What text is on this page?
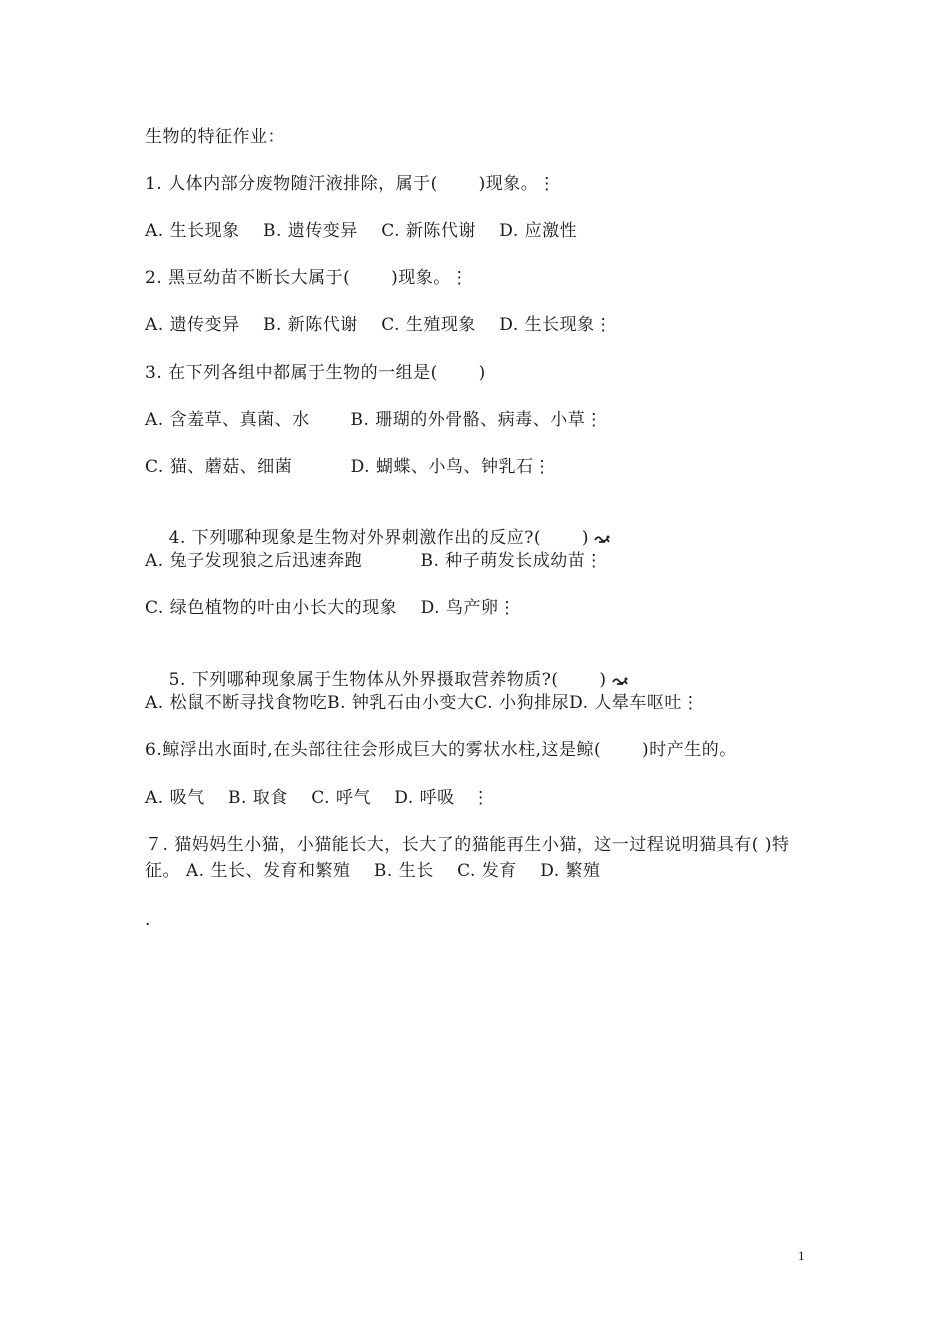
生物的特征作业：
1. 人体内部分废物随汗液排除，属于(　　 )现象。⋮
A. 生长现象　 B. 遗传变异　 C. 新陈代谢　 D. 应激性
2. 黑豆幼苗不断长大属于(　　 )现象。⋮
A. 遗传变异　 B. 新陈代谢　 C. 生殖现象　 D. 生长现象⋮
3. 在下列各组中都属于生物的一组是(　　 )
A. 含羞草、真菌、水　　 B. 珊瑚的外骨骼、病毒、小草⋮
C. 猫、蘑菇、细菌　　　 D. 蝴蝶、小鸟、钟乳石⋮

4. 下列哪种现象是生物对外界刺激作出的反应?(　　 )

A. 兔子发现狼之后迅速奔跑　　　 B. 种子萌发长成幼苗⋮
C. 绿色植物的叶由小长大的现象　 D. 鸟产卵⋮

5. 下列哪种现象属于生物体从外界摄取营养物质?(　　 )

A. 松鼠不断寻找食物吃B. 钟乳石由小变大C. 小狗排尿D. 人晕车呕吐⋮
6.鲸浮出水面时,在头部往往会形成巨大的雾状水柱,这是鲸(　　 )时产生的。
A. 吸气　 B. 取食　 C. 呼气　 D. 呼吸　⋮
７. 猫妈妈生小猫，小猫能长大，长大了的猫能再生小猫，这一过程说明猫具有( )特征。 A. 生长、发育和繁殖　 B. 生长　 C. 发育　 D. 繁殖
.
1
